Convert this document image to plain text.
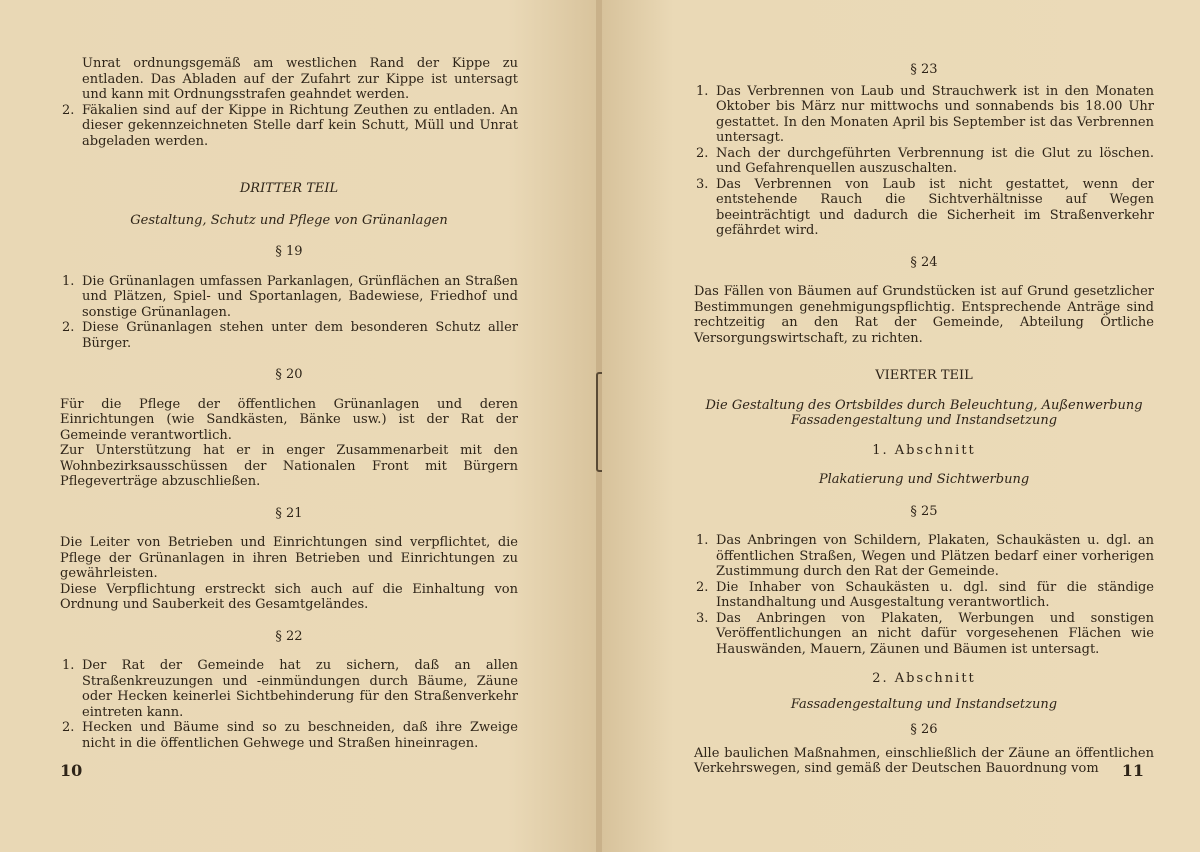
Unrat ordnungsgemäß am westlichen Rand der Kippe zu entladen. Das Abladen auf der Zufahrt zur Kippe ist untersagt und kann mit Ordnungsstrafen geahndet werden.
2. Fäkalien sind auf der Kippe in Richtung Zeuthen zu entladen. An dieser gekennzeichneten Stelle darf kein Schutt, Müll und Unrat abgeladen werden.
DRITTER TEIL
Gestaltung, Schutz und Pflege von Grünanlagen
§ 19
1. Die Grünanlagen umfassen Parkanlagen, Grünflächen an Straßen und Plätzen, Spiel- und Sportanlagen, Badewiese, Friedhof und sonstige Grünanlagen.
2. Diese Grünanlagen stehen unter dem besonderen Schutz aller Bürger.
§ 20

Für die Pflege der öffentlichen Grünanlagen und deren Einrichtungen (wie Sandkästen, Bänke usw.) ist der Rat der Gemeinde verantwortlich.

Zur Unterstützung hat er in enger Zusammenarbeit mit den Wohnbezirksausschüssen der Nationalen Front mit Bürgern Pflegeverträge abzuschließen.

§ 21

Die Leiter von Betrieben und Einrichtungen sind verpflichtet, die Pflege der Grünanlagen in ihren Betrieben und Einrichtungen zu gewährleisten.

Diese Verpflichtung erstreckt sich auch auf die Einhaltung von Ordnung und Sauberkeit des Gesamtgeländes.

§ 22
1. Der Rat der Gemeinde hat zu sichern, daß an allen Straßenkreuzungen und -einmündungen durch Bäume, Zäune oder Hecken keinerlei Sichtbehinderung für den Straßenverkehr eintreten kann.
2. Hecken und Bäume sind so zu beschneiden, daß ihre Zweige nicht in die öffentlichen Gehwege und Straßen hineinragen.
10
§ 23
1. Das Verbrennen von Laub und Strauchwerk ist in den Monaten Oktober bis März nur mittwochs und sonnabends bis 18.00 Uhr gestattet. In den Monaten April bis September ist das Verbrennen untersagt.
2. Nach der durchgeführten Verbrennung ist die Glut zu löschen. und Gefahrenquellen auszuschalten.
3. Das Verbrennen von Laub ist nicht gestattet, wenn der entstehende Rauch die Sichtverhältnisse auf Wegen beeinträchtigt und dadurch die Sicherheit im Straßenverkehr gefährdet wird.
§ 24

Das Fällen von Bäumen auf Grundstücken ist auf Grund gesetzlicher Bestimmungen genehmigungspflichtig. Entsprechende Anträge sind rechtzeitig an den Rat der Gemeinde, Abteilung Örtliche Versorgungswirtschaft, zu richten.

VIERTER TEIL
Die Gestaltung des Ortsbildes durch Beleuchtung, Außenwerbung
Fassadengestaltung und Instandsetzung
1. Abschnitt
Plakatierung und Sichtwerbung
§ 25
1. Das Anbringen von Schildern, Plakaten, Schaukästen u. dgl. an öffentlichen Straßen, Wegen und Plätzen bedarf einer vorherigen Zustimmung durch den Rat der Gemeinde.
2. Die Inhaber von Schaukästen u. dgl. sind für die ständige Instandhaltung und Ausgestaltung verantwortlich.
3. Das Anbringen von Plakaten, Werbungen und sonstigen Veröffentlichungen an nicht dafür vorgesehenen Flächen wie Hauswänden, Mauern, Zäunen und Bäumen ist untersagt.
2. Abschnitt
Fassadengestaltung und Instandsetzung
§ 26

Alle baulichen Maßnahmen, einschließlich der Zäune an öffentlichen Verkehrswegen, sind gemäß der Deutschen Bauordnung vom	11
